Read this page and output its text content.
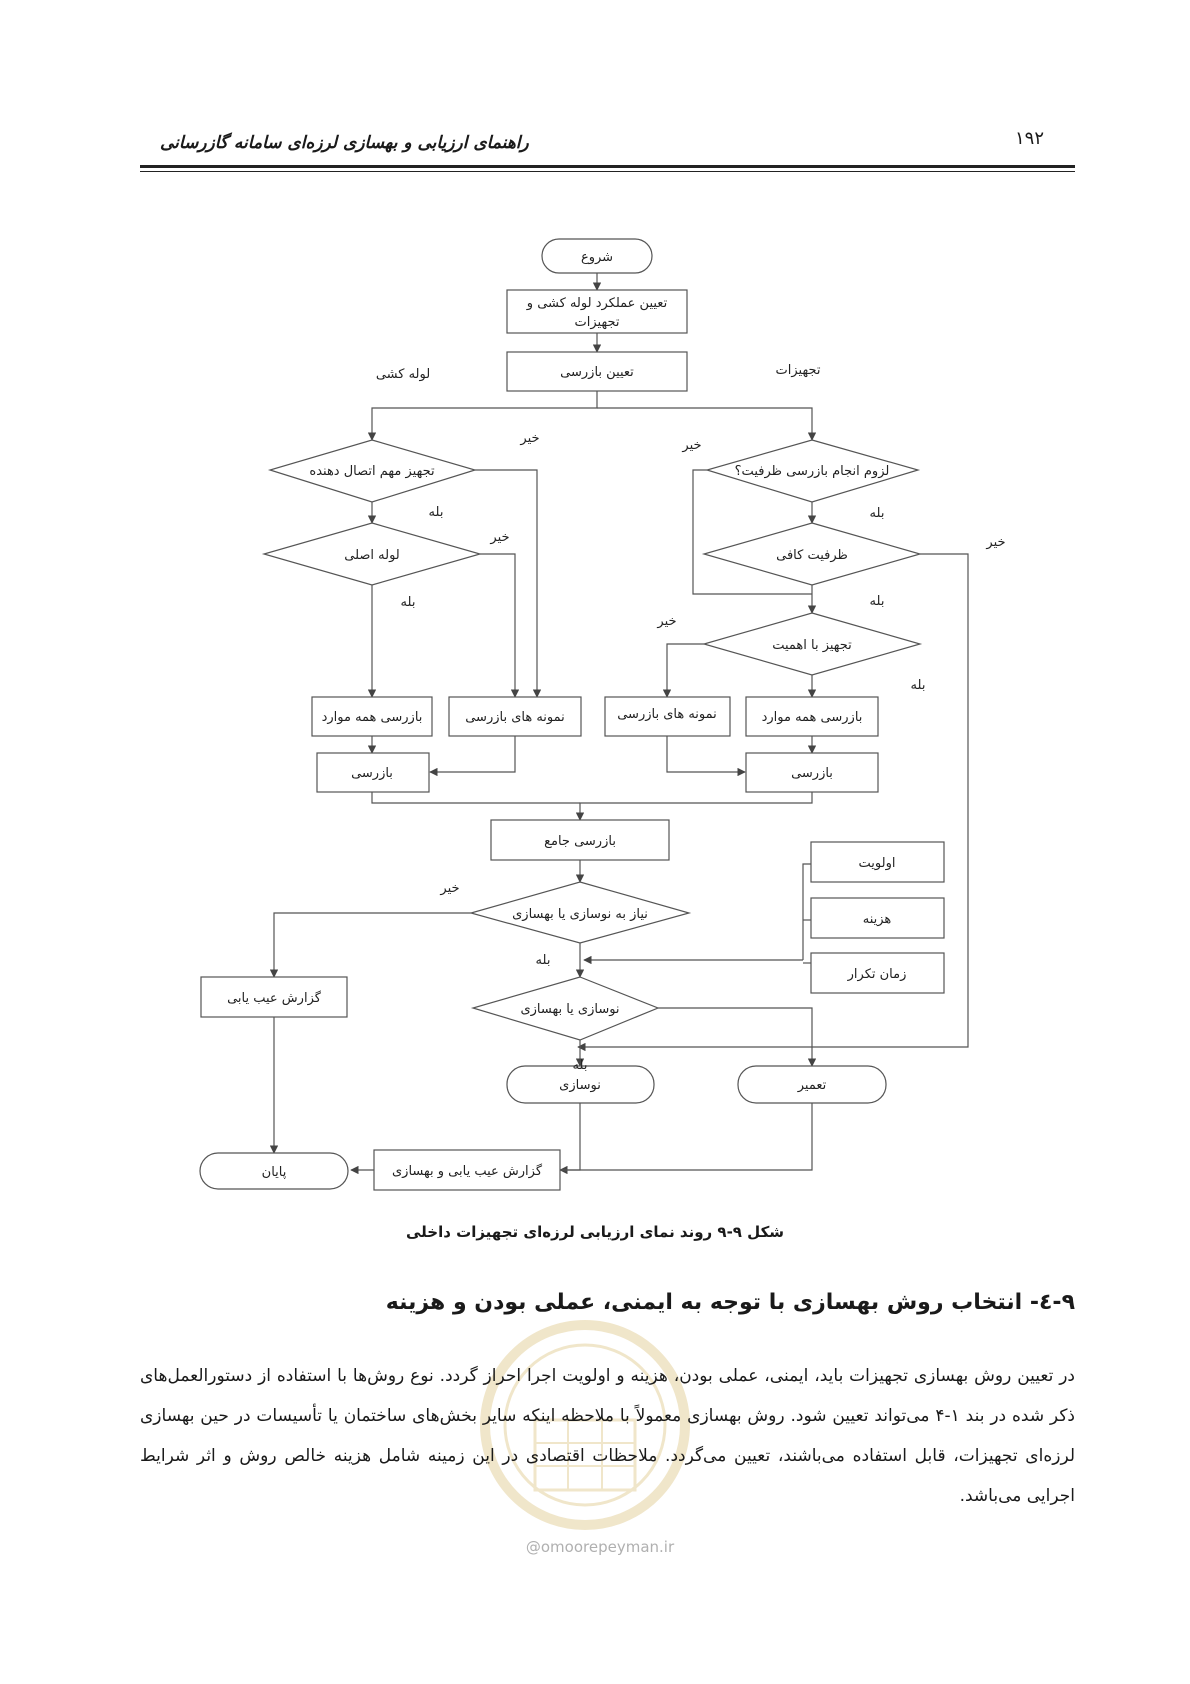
راهنمای ارزیابی و بهسازی لرزه‌ای سامانه گازرسانی	۱۹۲
شروع
تعیین عملکرد لوله کشی و
تجهیزات
تعیین بازرسی
لوله کشی	تجهیزات
تجهیز مهم اتصال دهنده
لوله اصلی
لزوم انجام بازرسی ظرفیت؟
ظرفیت کافی
تجهیز با اهمیت
بازرسی همه موارد	نمونه های بازرسی	نمونه های بازرسی	بازرسی همه موارد
بازرسی	بازرسی
بازرسی جامع
نیاز به نوسازی یا بهسازی
اولویت
هزینه
زمان تکرار
گزارش عیب یابی
نوسازی یا بهسازی
نوسازی	تعمیر
گزارش عیب یابی و بهسازی
پایان
خیر
بله
خیر
بله
خیر
بله
خیر
بله
خیر
بله
خیر
بله
بله
شکل ۹-۹ روند نمای ارزیابی لرزه‌ای تجهیزات داخلی
۹-٤- انتخاب روش بهسازی با توجه به ایمنی، عملی بودن و هزینه
در تعیین روش بهسازی تجهیزات باید، ایمنی، عملی بودن، هزینه و اولویت اجرا احراز گردد. نوع روش‌ها با استفاده از دستورالعمل‌های ذکر شده در بند ۱-۴ می‌تواند تعیین شود. روش بهسازی معمولاً با ملاحظه اینکه سایر بخش‌های ساختمان یا تأسیسات در حین بهسازی لرزه‌ای تجهیزات، قابل استفاده می‌باشند، تعیین می‌گردد. ملاحظات اقتصادی در این زمینه شامل هزینه خالص روش و اثر شرایط اجرایی می‌باشد.
@omoorepeyman.ir
